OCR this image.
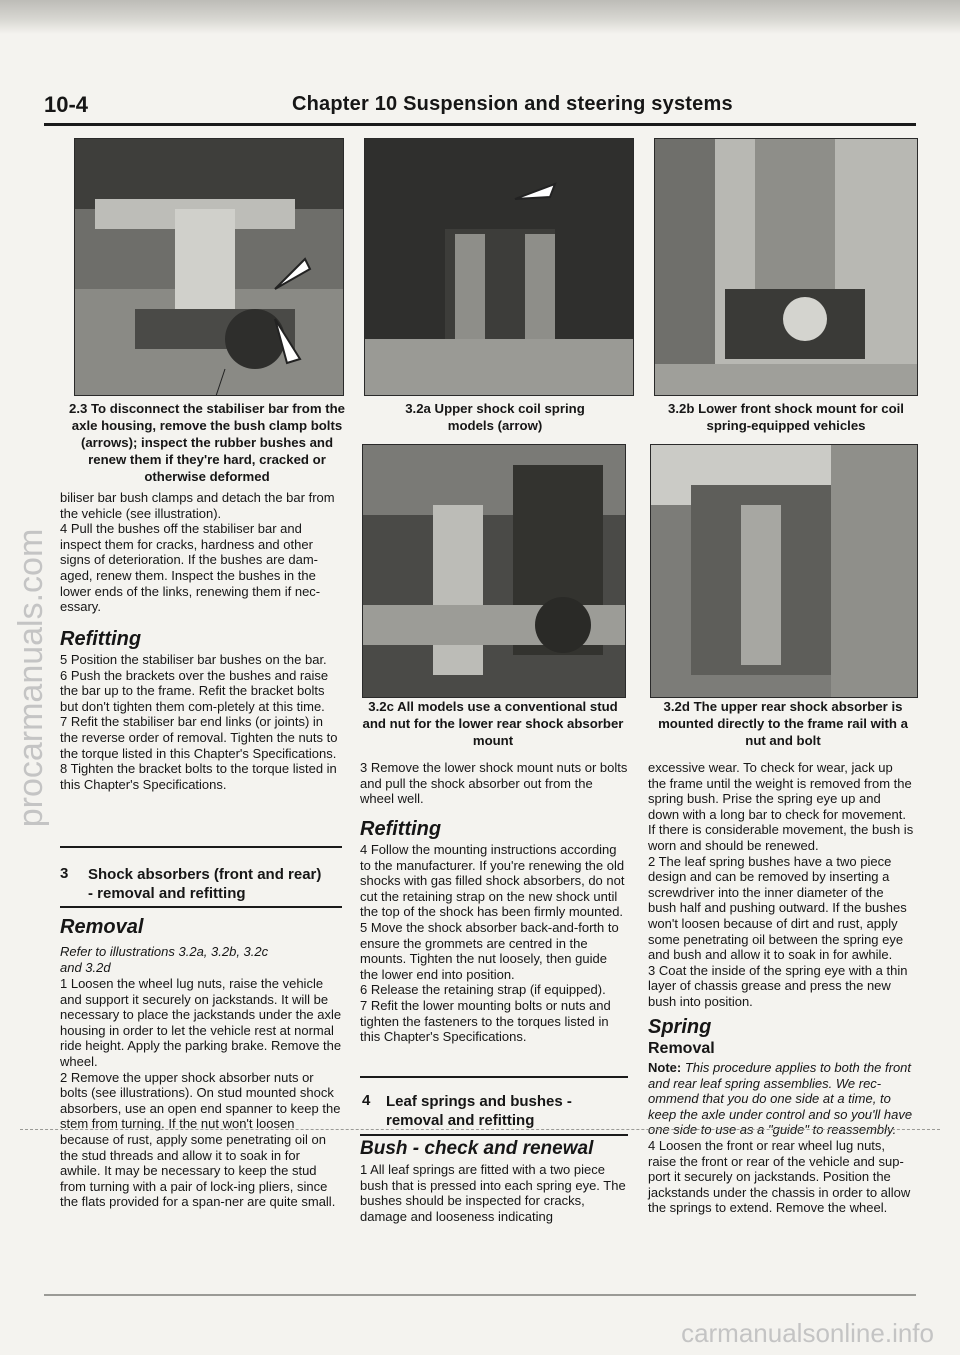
10-4	Chapter 10 Suspension and steering systems
2.3 To disconnect the stabiliser bar from the axle housing, remove the bush clamp bolts (arrows); inspect the rubber bushes and renew them if they're hard, cracked or otherwise deformed
3.2a Upper shock coil spring models (arrow)
3.2b Lower front shock mount for coil spring-equipped vehicles
3.2c All models use a conventional stud and nut for the lower rear shock absorber mount
3.2d The upper rear shock absorber is mounted directly to the frame rail with a nut and bolt
biliser bar bush clamps and detach the bar from the vehicle (see illustration).
4 Pull the bushes off the stabiliser bar and inspect them for cracks, hardness and other signs of deterioration. If the bushes are dam-aged, renew them. Inspect the bushes in the lower ends of the links, renewing them if nec-essary.
Refitting
5 Position the stabiliser bar bushes on the bar.
6 Push the brackets over the bushes and raise the bar up to the frame. Refit the bracket bolts but don't tighten them com-pletely at this time.
7 Refit the stabiliser bar end links (or joints) in the reverse order of removal. Tighten the nuts to the torque listed in this Chapter's Specifications.
8 Tighten the bracket bolts to the torque listed in this Chapter's Specifications.
3 Shock absorbers (front and rear)
- removal and refitting
Removal
Refer to illustrations 3.2a, 3.2b, 3.2c and 3.2d
1 Loosen the wheel lug nuts, raise the vehicle and support it securely on jackstands. It will be necessary to place the jackstands under the axle housing in order to let the vehicle rest at normal ride height. Apply the parking brake. Remove the wheel.
2 Remove the upper shock absorber nuts or bolts (see illustrations). On stud mounted shock absorbers, use an open end spanner to keep the stem from turning. If the nut won't loosen because of rust, apply some penetrating oil on the stud threads and allow it to soak in for awhile. It may be necessary to keep the stud from turning with a pair of lock-ing pliers, since the flats provided for a span-ner are quite small.
3 Remove the lower shock mount nuts or bolts and pull the shock absorber out from the wheel well.
Refitting
4 Follow the mounting instructions according to the manufacturer. If you're renewing the old shocks with gas filled shock absorbers, do not cut the retaining strap on the new shock until the top of the shock has been firmly mounted.
5 Move the shock absorber back-and-forth to ensure the grommets are centred in the mounts. Tighten the nut loosely, then guide the lower end into position.
6 Release the retaining strap (if equipped).
7 Refit the lower mounting bolts or nuts and tighten the fasteners to the torques listed in this Chapter's Specifications.
4 Leaf springs and bushes -
removal and refitting
Bush - check and renewal
1 All leaf springs are fitted with a two piece bush that is pressed into each spring eye. The bushes should be inspected for cracks, damage and looseness indicating
excessive wear. To check for wear, jack up the frame until the weight is removed from the spring bush. Prise the spring eye up and down with a long bar to check for movement. If there is considerable movement, the bush is worn and should be renewed.
2 The leaf spring bushes have a two piece design and can be removed by inserting a screwdriver into the inner diameter of the bush half and pushing outward. If the bushes won't loosen because of dirt and rust, apply some penetrating oil between the spring eye and bush and allow it to soak in for awhile.
3 Coat the inside of the spring eye with a thin layer of chassis grease and press the new bush into position.
Spring
Removal
Note: This procedure applies to both the front and rear leaf spring assemblies. We rec-ommend that you do one side at a time, to keep the axle under control and so you'll have one side to use as a "guide" to reassembly.
4 Loosen the front or rear wheel lug nuts, raise the front or rear of the vehicle and sup-port it securely on jackstands. Position the jackstands under the chassis in order to allow the springs to extend. Remove the wheel.
procarmanuals.com
carmanualsonline.info
